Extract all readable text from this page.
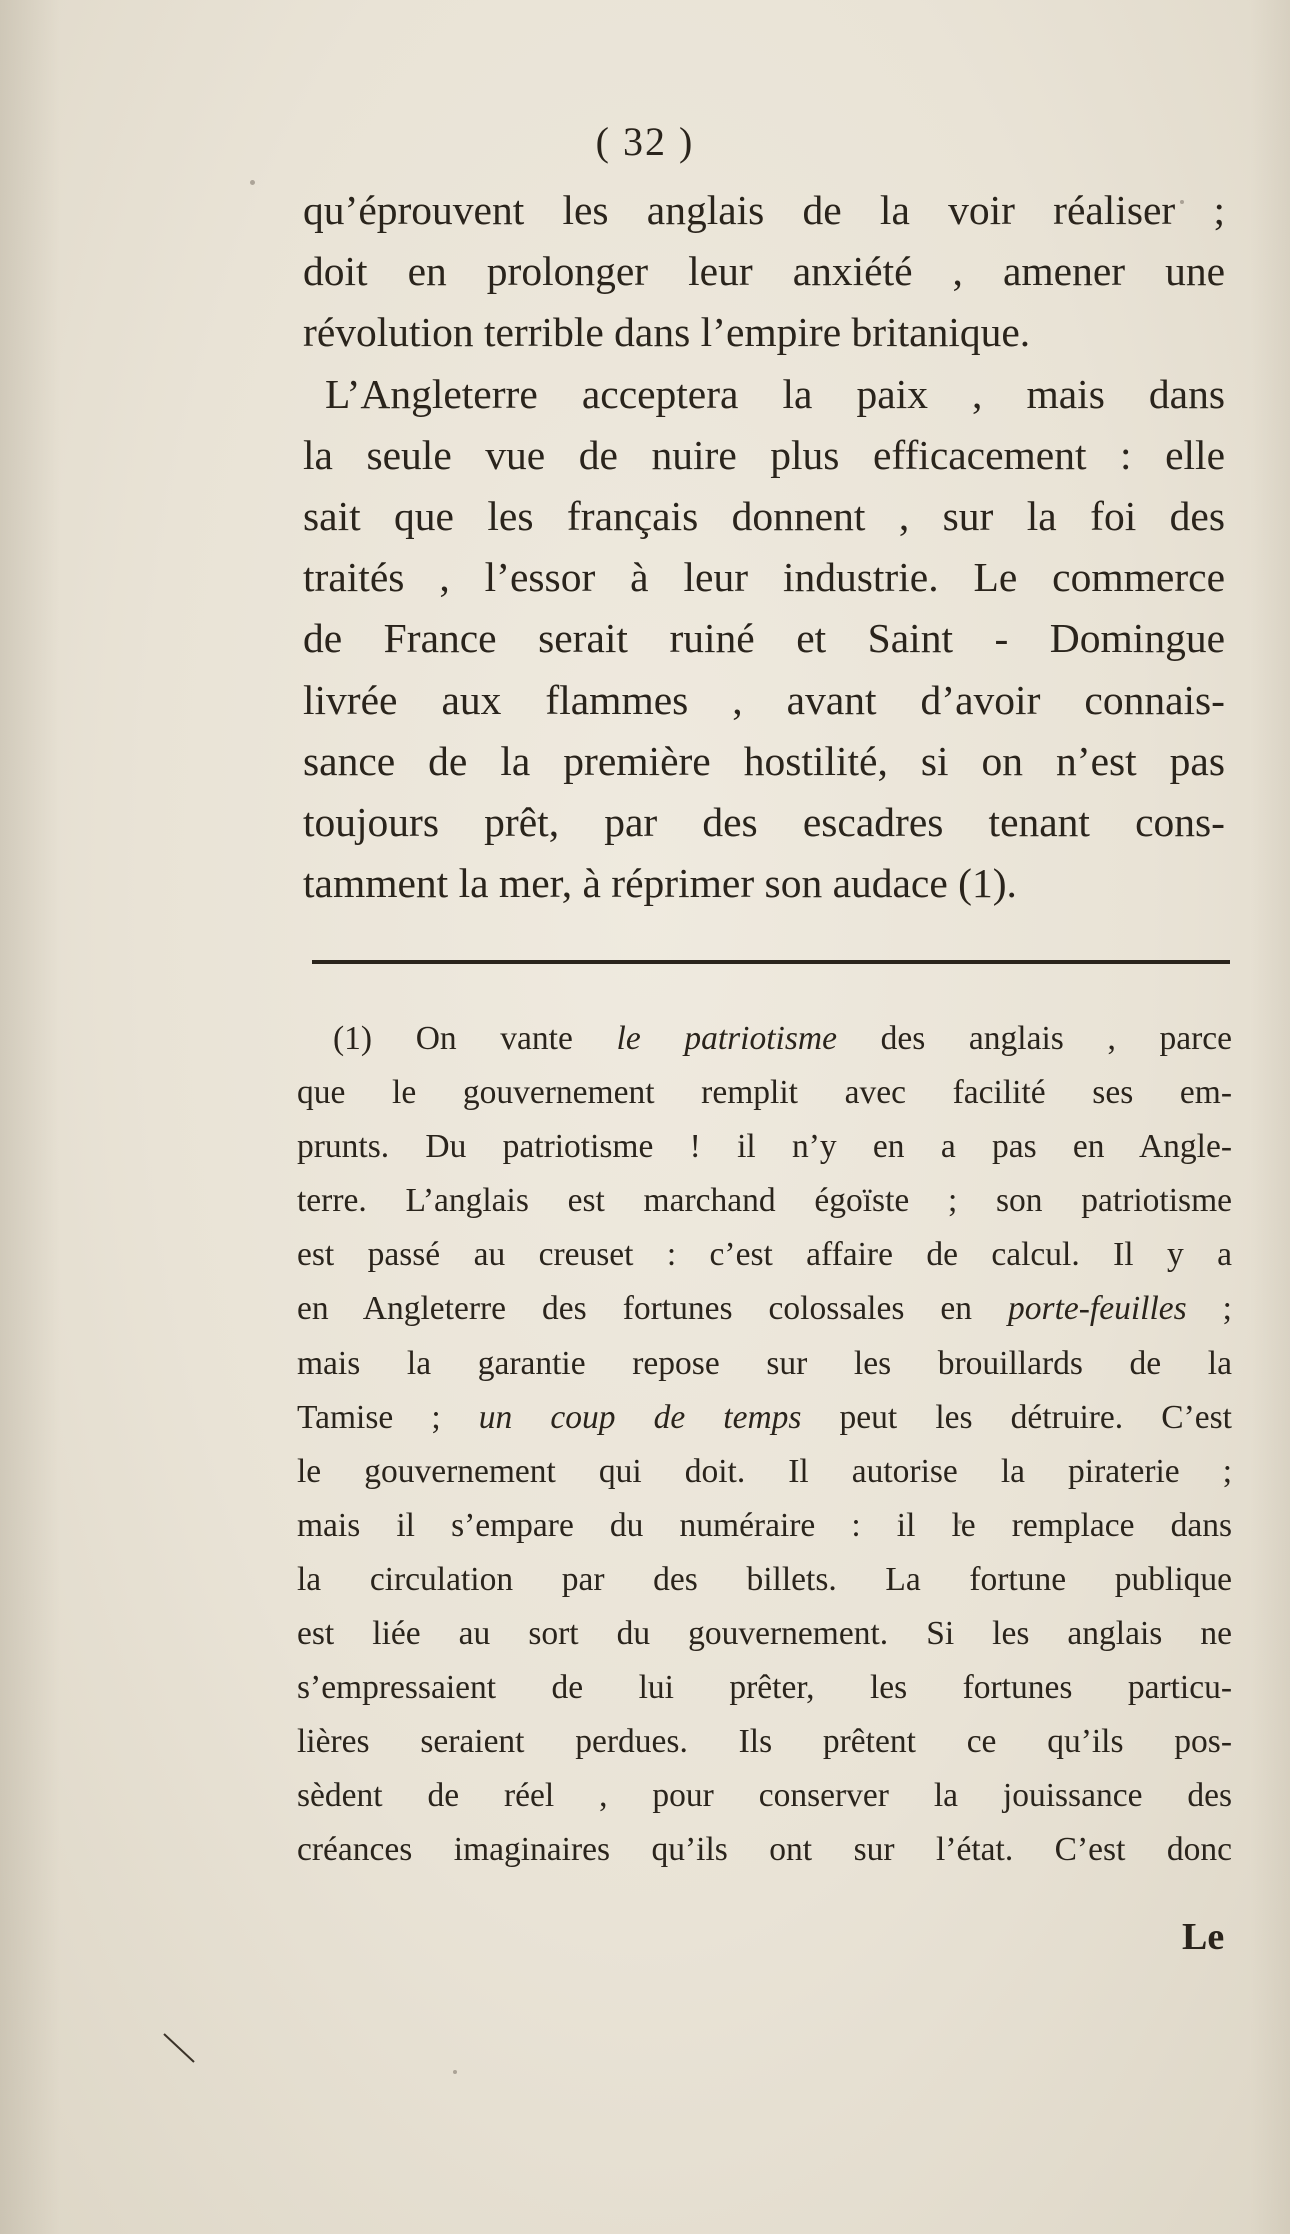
( 32 )
qu’éprouvent les anglais de la voir réaliser ;
doit en prolonger leur anxiété , amener une
révolution terrible dans l’empire britanique.
L’Angleterre acceptera la paix , mais dans
la seule vue de nuire plus efficacement : elle
sait que les français donnent , sur la foi des
traités , l’essor à leur industrie. Le commerce
de France serait ruiné et Saint - Domingue
livrée aux flammes , avant d’avoir connais-
sance de la première hostilité, si on n’est pas
toujours prêt, par des escadres tenant cons-
tamment la mer, à réprimer son audace (1).
(1) On vante le patriotisme des anglais , parce
que le gouvernement remplit avec facilité ses em-
prunts. Du patriotisme ! il n’y en a pas en Angle-
terre. L’anglais est marchand égoïste ; son patriotisme
est passé au creuset : c’est affaire de calcul. Il y a
en Angleterre des fortunes colossales en porte-feuilles ;
mais la garantie repose sur les brouillards de la
Tamise ; un coup de temps peut les détruire. C’est
le gouvernement qui doit. Il autorise la piraterie ;
mais il s’empare du numéraire : il le remplace dans
la circulation par des billets. La fortune publique
est liée au sort du gouvernement. Si les anglais ne
s’empressaient de lui prêter, les fortunes particu-
lières seraient perdues. Ils prêtent ce qu’ils pos-
sèdent de réel , pour conserver la jouissance des
créances imaginaires qu’ils ont sur l’état. C’est donc
Le
